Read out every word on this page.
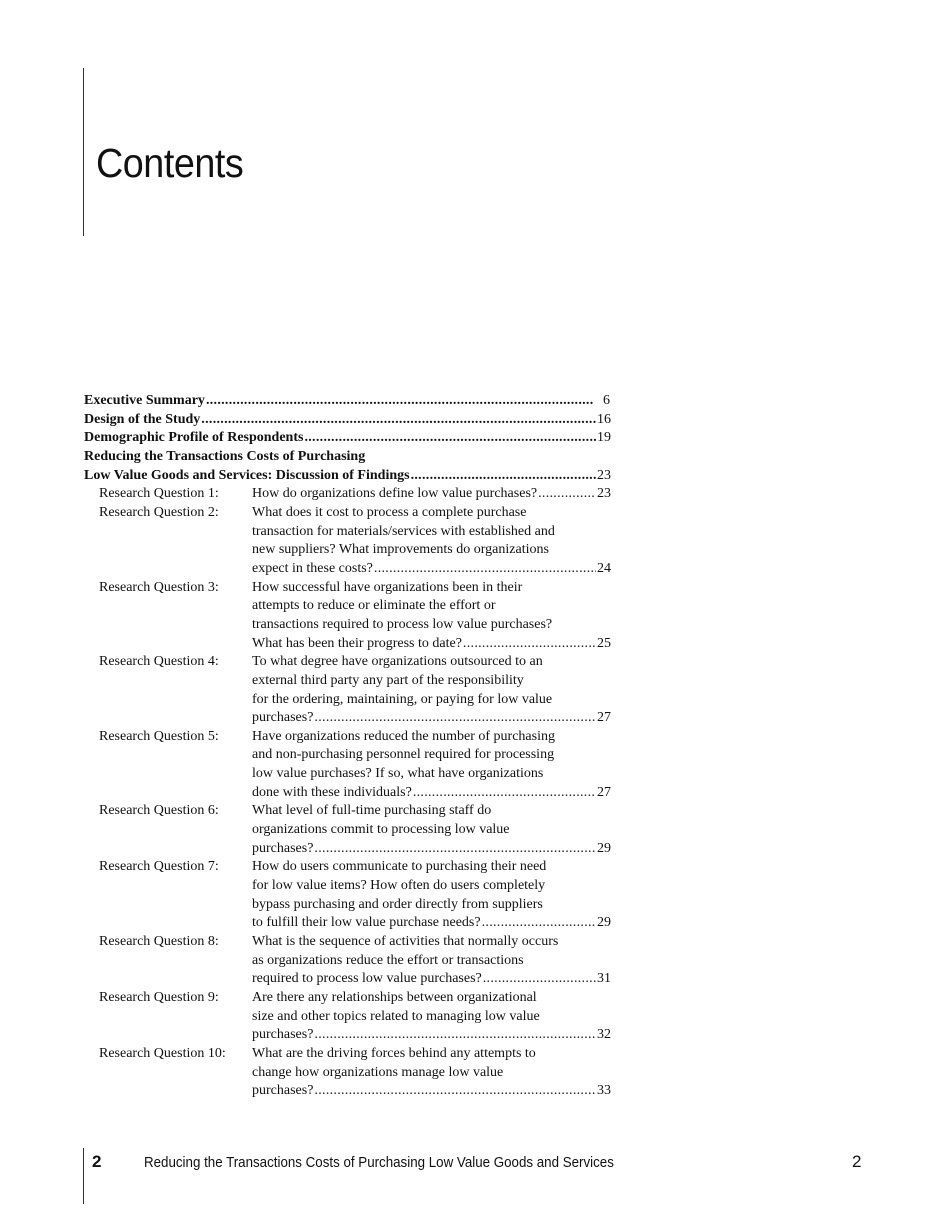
Contents
Executive Summary .....	6
Design of the Study .....	16
Demographic Profile of Respondents .....	19
Reducing the Transactions Costs of Purchasing
Low Value Goods and Services: Discussion of Findings .....	23
Research Question 1:	How do organizations define low value purchases? .....	23
Research Question 2:	What does it cost to process a complete purchase
transaction for materials/services with established and
new suppliers? What improvements do organizations
expect in these costs? .....	24
Research Question 3:	How successful have organizations been in their
attempts to reduce or eliminate the effort or
transactions required to process low value purchases?
What has been their progress to date? .....	25
Research Question 4:	To what degree have organizations outsourced to an
external third party any part of the responsibility
for the ordering, maintaining, or paying for low value
purchases? .....	27
Research Question 5:	Have organizations reduced the number of purchasing
and non-purchasing personnel required for processing
low value purchases? If so, what have organizations
done with these individuals? .....	27
Research Question 6:	What level of full-time purchasing staff do
organizations commit to processing low value
purchases? .....	29
Research Question 7:	How do users communicate to purchasing their need
for low value items? How often do users completely
bypass purchasing and order directly from suppliers
to fulfill their low value purchase needs? .....	29
Research Question 8:	What is the sequence of activities that normally occurs
as organizations reduce the effort or transactions
required to process low value purchases? .....	31
Research Question 9:	Are there any relationships between organizational
size and other topics related to managing low value
purchases? .....	32
Research Question 10:	What are the driving forces behind any attempts to
change how organizations manage low value
purchases? .....	33
2	Reducing the Transactions Costs of Purchasing Low Value Goods and Services	2
